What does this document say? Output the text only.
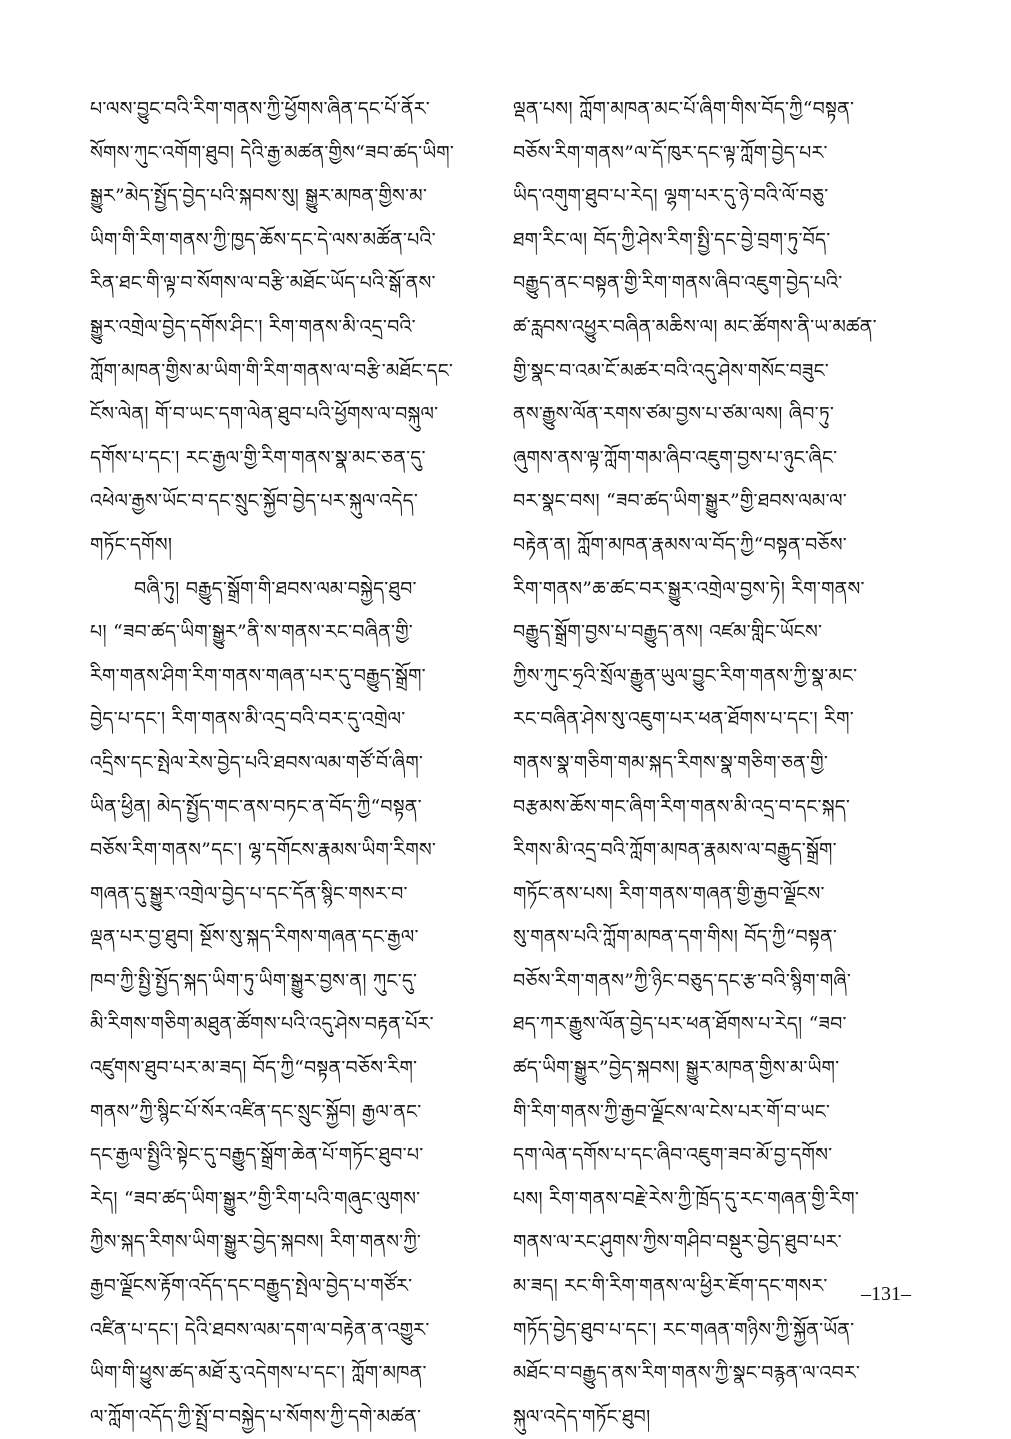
པ་ལས་བྱུང་བའི་རིག་གནས་ཀྱི་ཕྱོགས་ཞིན་དང་པོ་ནོར་
སོགས་ཀུང་འགོག་ཐུབ། དེའི་རྒྱ་མཚན་གྱིས“ཟབ་ཚད་ཡིག་
སྒྱུར”མེད་སྤྱོད་བྱེད་པའི་སྐབས་སུ། སྒྱུར་མཁན་གྱིས་མ་
ཡིག་གི་རིག་གནས་ཀྱི་ཁྱད་ཆོས་དང་དེ་ལས་མཚོན་པའི་
རིན་ཐང་གི་ལྟ་བ་སོགས་ལ་བརྩི་མཐོང་ཡོད་པའི་སྒོ་ནས་
སྒྱུར་འགྲེལ་བྱེད་དགོས་ཤིང་། རིག་གནས་མི་འདྲ་བའི་
ཀློག་མཁན་གྱིས་མ་ཡིག་གི་རིག་གནས་ལ་བརྩི་མཐོང་དང་
ངོས་ལེན། གོ་བ་ཡང་དག་ལེན་ཐུབ་པའི་ཕྱོགས་ལ་བསྐུལ་
དགོས་པ་དང་། རང་རྒྱལ་གྱི་རིག་གནས་སྣ་མང་ཅན་དུ་
འཕེལ་རྒྱས་ཡོང་བ་དང་སྲུང་སྐྱོབ་བྱེད་པར་སྐུལ་འདེད་
གཏོང་དགོས།
བཞི་ཏུ། བརྒྱུད་སྒྲོག་གི་ཐབས་ལམ་བསྐྱེད་ཐུབ་
པ། “ཟབ་ཚད་ཡིག་སྒྱུར”ནི་ས་གནས་རང་བཞིན་གྱི་
རིག་གནས་ཤིག་རིག་གནས་གཞན་པར་དུ་བརྒྱུད་སྒྲོག་
བྱེད་པ་དང་། རིག་གནས་མི་འདྲ་བའི་བར་དུ་འགྲེལ་
འདྲིས་དང་སྤེལ་རེས་བྱེད་པའི་ཐབས་ལམ་གཙོ་བོ་ཞིག་
ཡིན་ཕྱིན། མེད་སྤྱོད་གང་ནས་བཏང་ན་བོད་ཀྱི“བསྟན་
བཅོས་རིག་གནས”དང་། ལྷ་དགོངས་རྣམས་ཡིག་རིགས་
གཞན་དུ་སྒྱུར་འགྲེལ་བྱེད་པ་དང་དོན་སྙིང་གསར་བ་
ལྡན་པར་བྱ་ཐུབ། སྔོས་སུ་སྐད་རིགས་གཞན་དང་རྒྱལ་
ཁབ་ཀྱི་སྤྱི་སྤྱོད་སྐད་ཡིག་ཏུ་ཡིག་སྒྱུར་བྱས་ན། ཀུང་དུ་
མི་རིགས་གཅིག་མཐུན་ཚོགས་པའི་འདུ་ཤེས་བརྟན་པོར་
འཛུགས་ཐུབ་པར་མ་ཟད། བོད་ཀྱི“བསྟན་བཅོས་རིག་
གནས”ཀྱི་སྙིང་པོ་སོར་འཛིན་དང་སྲུང་སྐྱོབ། རྒྱལ་ནང་
དང་རྒྱལ་སྤྱིའི་སྟེང་དུ་བརྒྱུད་སྒྲོག་ཆེན་པོ་གཏོང་ཐུབ་པ་
རེད། “ཟབ་ཚད་ཡིག་སྒྱུར”གྱི་རིག་པའི་གཞུང་ལུགས་
ཀྱིས་སྐད་རིགས་ཡིག་སྒྱུར་བྱེད་སྐབས། རིག་གནས་ཀྱི་
རྒྱབ་ལྗོངས་རྟོག་འདོད་དང་བརྒྱུད་སྤེལ་བྱེད་པ་གཙོར་
འཛིན་པ་དང་། དེའི་ཐབས་ལམ་དག་ལ་བརྟེན་ན་འགྱུར་
ཡིག་གི་ཕྱུས་ཚད་མཐོ་རུ་འདེགས་པ་དང་། ཀློག་མཁན་
ལ་ཀློག་འདོད་ཀྱི་སྤྲོ་བ་བསྐྱེད་པ་སོགས་ཀྱི་དགེ་མཚན་
ལྡན་པས། ཀློག་མཁན་མང་པོ་ཞིག་གིས་བོད་ཀྱི“བསྟན་
བཅོས་རིག་གནས”ལ་དོ་ཁུར་དང་ལྟ་ཀློག་བྱེད་པར་
ཡིད་འགུག་ཐུབ་པ་རེད། ལྷག་པར་དུ་ཉེ་བའི་ལོ་བཅུ་
ཐག་རིང་ལ། བོད་ཀྱི་ཤེས་རིག་སྤྱི་དང་བྱེ་བྲག་ཏུ་བོད་
བརྒྱུད་ནང་བསྟན་གྱི་རིག་གནས་ཞིབ་འཇུག་བྱེད་པའི་
ཚ་རླབས་འཕྱུར་བཞིན་མཆིས་ལ། མང་ཚོགས་ནི་ཡ་མཚན་
གྱི་སྣང་བ་འམ་ངོ་མཚར་བའི་འདུ་ཤེས་གསོང་བཟུང་
ནས་རྒྱུས་ལོན་རགས་ཙམ་བྱས་པ་ཙམ་ལས། ཞིབ་ཏུ་
ཞུགས་ནས་ལྟ་ཀློག་གམ་ཞིབ་འཇུག་བྱས་པ་ཉུང་ཞིང་
བར་སྣང་བས། “ཟབ་ཚད་ཡིག་སྒྱུར”གྱི་ཐབས་ལམ་ལ་
བརྟེན་ན། ཀློག་མཁན་རྣམས་ལ་བོད་ཀྱི“བསྟན་བཅོས་
རིག་གནས”ཆ་ཚང་བར་སྒྱུར་འགྲེལ་བྱས་ཏེ། རིག་གནས་
བརྒྱུད་སྒྲོག་བྱས་པ་བརྒྱུད་ནས། འཛམ་གླིང་ཡོངས་
ཀྱིས་ཀུང་ཧྲའི་སྲོལ་རྒྱུན་ཡུལ་བྱུང་རིག་གནས་ཀྱི་སྣ་མང་
རང་བཞིན་ཤེས་སུ་འཇུག་པར་ཕན་ཐོགས་པ་དང་། རིག་
གནས་སྣ་གཅིག་གམ་སྐད་རིགས་སྣ་གཅིག་ཅན་གྱི་
བརྩམས་ཆོས་གང་ཞིག་རིག་གནས་མི་འདྲ་བ་དང་སྐད་
རིགས་མི་འདྲ་བའི་ཀློག་མཁན་རྣམས་ལ་བརྒྱུད་སྒྲོག་
གཏོང་ནས་པས། རིག་གནས་གཞན་གྱི་རྒྱབ་ལྗོངས་
སུ་གནས་པའི་ཀློག་མཁན་དག་གིས། བོད་ཀྱི“བསྟན་
བཅོས་རིག་གནས”ཀྱི་ཉིང་བཅུད་དང་རྩ་བའི་སྙིག་གཞི་
ཐད་ཀར་རྒྱུས་ལོན་བྱེད་པར་ཕན་ཐོགས་པ་རེད། “ཟབ་
ཚད་ཡིག་སྒྱུར”བྱེད་སྐབས། སྒྱུར་མཁན་གྱིས་མ་ཡིག་
གི་རིག་གནས་ཀྱི་རྒྱབ་ལྗོངས་ལ་ངེས་པར་གོ་བ་ཡང་
དག་ལེན་དགོས་པ་དང་ཞིབ་འཇུག་ཟབ་མོ་བྱ་དགོས་
པས། རིག་གནས་བརྗེ་རེས་ཀྱི་ཁྲོད་དུ་རང་གཞན་གྱི་རིག་
གནས་ལ་རང་ཤུགས་ཀྱིས་གཤིབ་བསྡུར་བྱེད་ཐུབ་པར་
མ་ཟད། རང་གི་རིག་གནས་ལ་ཕྱིར་ཇོག་དང་གསར་
གཏོད་བྱེད་ཐུབ་པ་དང་། རང་གཞན་གཉིས་ཀྱི་སྐྱོན་ཡོན་
མཐོང་བ་བརྒྱུད་ནས་རིག་གནས་ཀྱི་སྣང་བརྙན་ལ་འབར་
སྐུལ་འདེད་གཏོང་ཐུབ།
–131–
